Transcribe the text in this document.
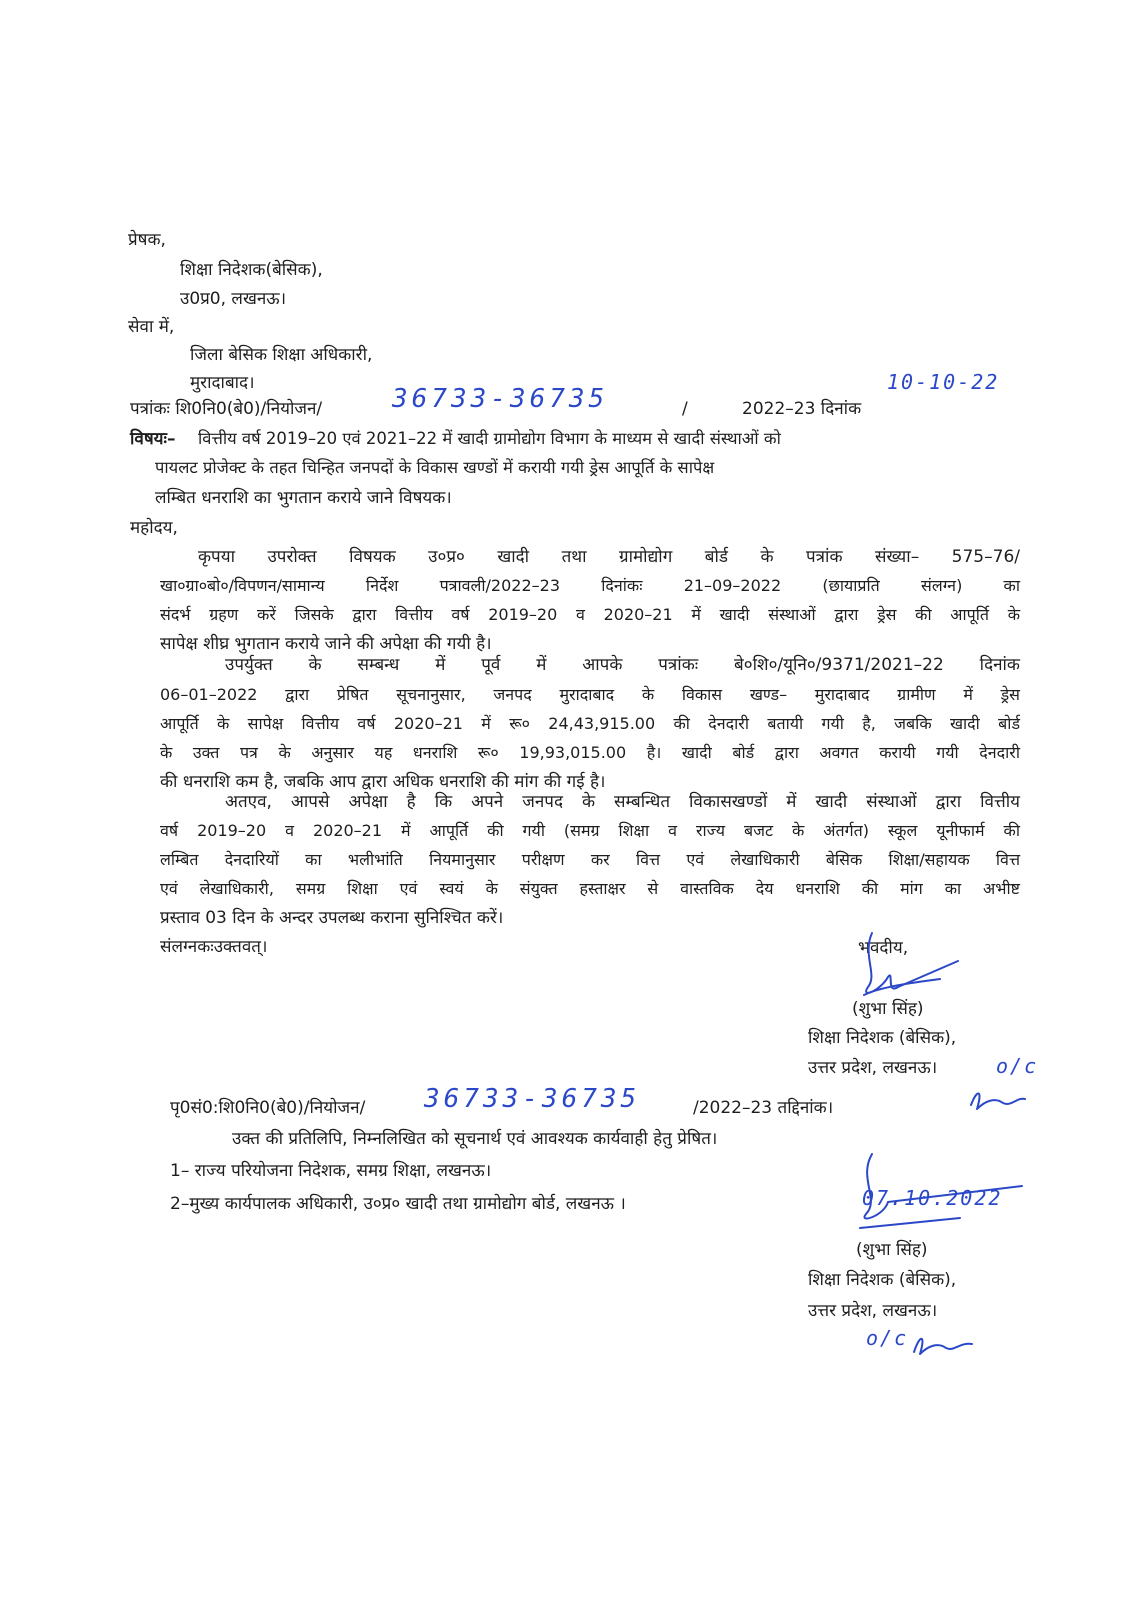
प्रेषक,

शिक्षा निदेशक(बेसिक),

उ0प्र0, लखनऊ।

सेवा में,

जिला बेसिक शिक्षा अधिकारी,

मुरादाबाद।

पत्रांकः शि0नि0(बे0)/नियोजन/	36733-36735	/	2022–23 दिनांक

10-10-22

विषयः– वित्तीय वर्ष 2019–20 एवं 2021–22 में खादी ग्रामोद्योग विभाग के माध्यम से खादी संस्थाओं को

पायलट प्रोजेक्ट के तहत चिन्हित जनपदों के विकास खण्डों में करायी गयी ड्रेस आपूर्ति के सापेक्ष

लम्बित धनराशि का भुगतान कराये जाने विषयक।

महोदय,

कृपया उपरोक्त विषयक उ०प्र० खादी तथा ग्रामोद्योग बोर्ड के पत्रांक संख्या– 575–76/

खा०ग्रा०बो०/विपणन/सामान्य निर्देश पत्रावली/2022–23 दिनांकः 21–09–2022 (छायाप्रति संलग्न) का

संदर्भ ग्रहण करें जिसके द्वारा वित्तीय वर्ष 2019–20 व 2020–21 में खादी संस्थाओं द्वारा ड्रेस की आपूर्ति के

सापेक्ष शीघ्र भुगतान कराये जाने की अपेक्षा की गयी है।

उपर्युक्त के सम्बन्ध में पूर्व में आपके पत्रांकः बे०शि०/यूनि०/9371/2021–22 दिनांक

06–01–2022 द्वारा प्रेषित सूचनानुसार, जनपद मुरादाबाद के विकास खण्ड– मुरादाबाद ग्रामीण में ड्रेस

आपूर्ति के सापेक्ष वित्तीय वर्ष 2020–21 में रू० 24,43,915.00 की देनदारी बतायी गयी है, जबकि खादी बोर्ड

के उक्त पत्र के अनुसार यह धनराशि रू० 19,93,015.00 है। खादी बोर्ड द्वारा अवगत करायी गयी देनदारी

की धनराशि कम है, जबकि आप द्वारा अधिक धनराशि की मांग की गई है।

अतएव, आपसे अपेक्षा है कि अपने जनपद के सम्बन्धित विकासखण्डों में खादी संस्थाओं द्वारा वित्तीय

वर्ष 2019–20 व 2020–21 में आपूर्ति की गयी (समग्र शिक्षा व राज्य बजट के अंतर्गत) स्कूल यूनीफार्म की

लम्बित देनदारियों का भलीभांति नियमानुसार परीक्षण कर वित्त एवं लेखाधिकारी बेसिक शिक्षा/सहायक वित्त

एवं लेखाधिकारी, समग्र शिक्षा एवं स्वयं के संयुक्त हस्ताक्षर से वास्तविक देय धनराशि की मांग का अभीष्ट

प्रस्ताव 03 दिन के अन्दर उपलब्ध कराना सुनिश्चित करें।

संलग्नकःउक्तवत्।	भवदीय,

(शुभा सिंह)

शिक्षा निदेशक (बेसिक),

उत्तर प्रदेश, लखनऊ।	o/c

पृ0सं0:शि0नि0(बे0)/नियोजन/ 36733-36735	/2022–23 तद्दिनांक।

उक्त की प्रतिलिपि, निम्नलिखित को सूचनार्थ एवं आवश्यक कार्यवाही हेतु प्रेषित।

1– राज्य परियोजना निदेशक, समग्र शिक्षा, लखनऊ।

2–मुख्य कार्यपालक अधिकारी, उ०प्र० खादी तथा ग्रामोद्योग बोर्ड, लखनऊ ।	07.10.2022

(शुभा सिंह)

शिक्षा निदेशक (बेसिक),

उत्तर प्रदेश, लखनऊ।

o/c
